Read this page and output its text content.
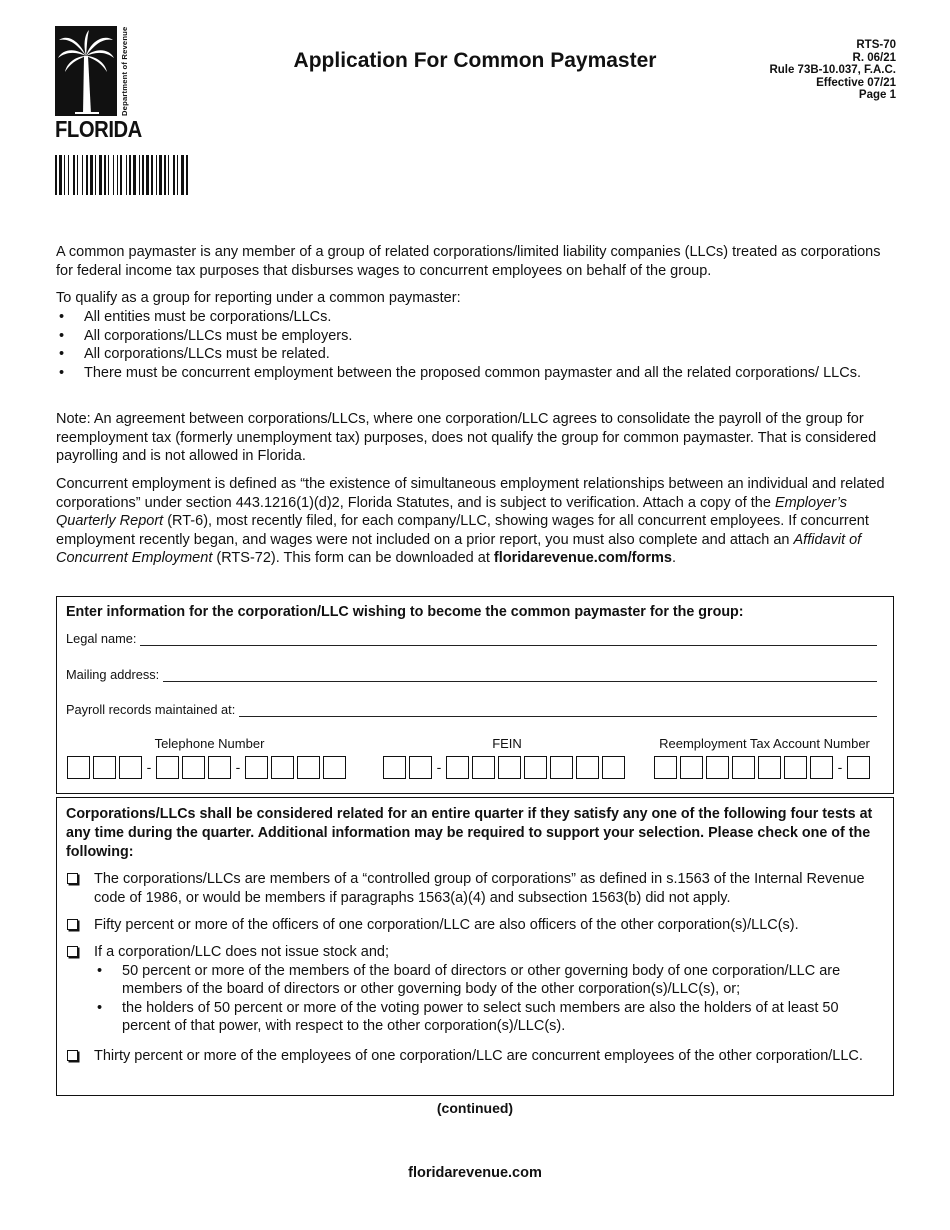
Department of Revenue
FLORIDA
Application For Common Paymaster
RTS-70
R. 06/21
Rule 73B-10.037, F.A.C.
Effective 07/21
Page 1
A common paymaster is any member of a group of related corporations/limited liability companies (LLCs) treated as corporations for federal income tax purposes that disburses wages to concurrent employees on behalf of the group.
To qualify as a group for reporting under a common paymaster:
• All entities must be corporations/LLCs.
• All corporations/LLCs must be employers.
• All corporations/LLCs must be related.
• There must be concurrent employment between the proposed common paymaster and all the related corporations/ LLCs.
Note: An agreement between corporations/LLCs, where one corporation/LLC agrees to consolidate the payroll of the group for reemployment tax (formerly unemployment tax) purposes, does not qualify the group for common paymaster. That is considered payrolling and is not allowed in Florida.
Concurrent employment is defined as “the existence of simultaneous employment relationships between an individual and related corporations” under section 443.1216(1)(d)2, Florida Statutes, and is subject to verification. Attach a copy of the Employer’s Quarterly Report (RT-6), most recently filed, for each company/LLC, showing wages for all concurrent employees. If concurrent employment recently began, and wages were not included on a prior report, you must also complete and attach an Affidavit of Concurrent Employment (RTS-72). This form can be downloaded at floridarevenue.com/forms.
Enter information for the corporation/LLC wishing to become the common paymaster for the group:
Legal name:
Mailing address:
Payroll records maintained at:
Telephone Number	FEIN	Reemployment Tax Account Number
-	-	-	-
Corporations/LLCs shall be considered related for an entire quarter if they satisfy any one of the following four tests at any time during the quarter. Additional information may be required to support your selection. Please check one of the following:
The corporations/LLCs are members of a “controlled group of corporations” as defined in s.1563 of the Internal Revenue code of 1986, or would be members if paragraphs 1563(a)(4) and subsection 1563(b) did not apply.
Fifty percent or more of the officers of one corporation/LLC are also officers of the other corporation(s)/LLC(s).
If a corporation/LLC does not issue stock and;
• 50 percent or more of the members of the board of directors or other governing body of one corporation/LLC are members of the board of directors or other governing body of the other corporation(s)/LLC(s), or;
• the holders of 50 percent or more of the voting power to select such members are also the holders of at least 50 percent of that power, with respect to the other corporation(s)/LLC(s).
Thirty percent or more of the employees of one corporation/LLC are concurrent employees of the other corporation/LLC.
(continued)
floridarevenue.com
